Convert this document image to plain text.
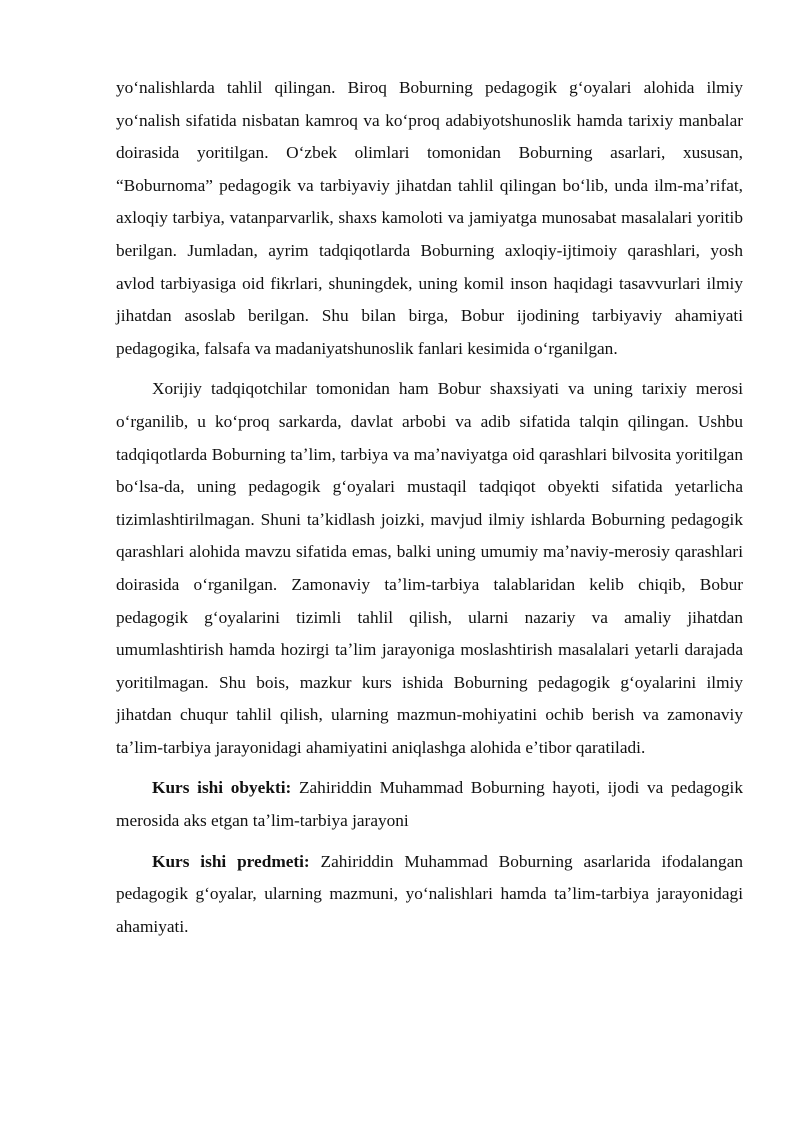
yoʻnalishlarda tahlil qilingan. Biroq Boburning pedagogik gʻoyalari alohida ilmiy yoʻnalish sifatida nisbatan kamroq va koʻproq adabiyotshunoslik hamda tarixiy manbalar doirasida yoritilgan. Oʻzbek olimlari tomonidan Boburning asarlari, xususan, “Boburnoma” pedagogik va tarbiyaviy jihatdan tahlil qilingan boʻlib, unda ilm-maʼrifat, axloqiy tarbiya, vatanparvarlik, shaxs kamoloti va jamiyatga munosabat masalalari yoritib berilgan. Jumladan, ayrim tadqiqotlarda Boburning axloqiy-ijtimoiy qarashlari, yosh avlod tarbiyasiga oid fikrlari, shuningdek, uning komil inson haqidagi tasavvurlari ilmiy jihatdan asoslab berilgan. Shu bilan birga, Bobur ijodining tarbiyaviy ahamiyati pedagogika, falsafa va madaniyatshunoslik fanlari kesimida oʻrganilgan.

Xorijiy tadqiqotchilar tomonidan ham Bobur shaxsiyati va uning tarixiy merosi oʻrganilib, u koʻproq sarkarda, davlat arbobi va adib sifatida talqin qilingan. Ushbu tadqiqotlarda Boburning taʼlim, tarbiya va maʼnaviyatga oid qarashlari bilvosita yoritilgan boʻlsa-da, uning pedagogik gʻoyalari mustaqil tadqiqot obyekti sifatida yetarlicha tizimlashtirilmagan. Shuni taʼkidlash joizki, mavjud ilmiy ishlarda Boburning pedagogik qarashlari alohida mavzu sifatida emas, balki uning umumiy maʼnaviy-merosiy qarashlari doirasida oʻrganilgan. Zamonaviy taʼlim-tarbiya talablaridan kelib chiqib, Bobur pedagogik gʻoyalarini tizimli tahlil qilish, ularni nazariy va amaliy jihatdan umumlashtirish hamda hozirgi taʼlim jarayoniga moslashtirish masalalari yetarli darajada yoritilmagan. Shu bois, mazkur kurs ishida Boburning pedagogik gʻoyalarini ilmiy jihatdan chuqur tahlil qilish, ularning mazmun-mohiyatini ochib berish va zamonaviy taʼlim-tarbiya jarayonidagi ahamiyatini aniqlashga alohida eʼtibor qaratiladi.

Kurs ishi obyekti: Zahiriddin Muhammad Boburning hayoti, ijodi va pedagogik merosida aks etgan taʼlim-tarbiya jarayoni

Kurs ishi predmeti: Zahiriddin Muhammad Boburning asarlarida ifodalangan pedagogik gʻoyalar, ularning mazmuni, yoʻnalishlari hamda taʼlim-tarbiya jarayonidagi ahamiyati.
